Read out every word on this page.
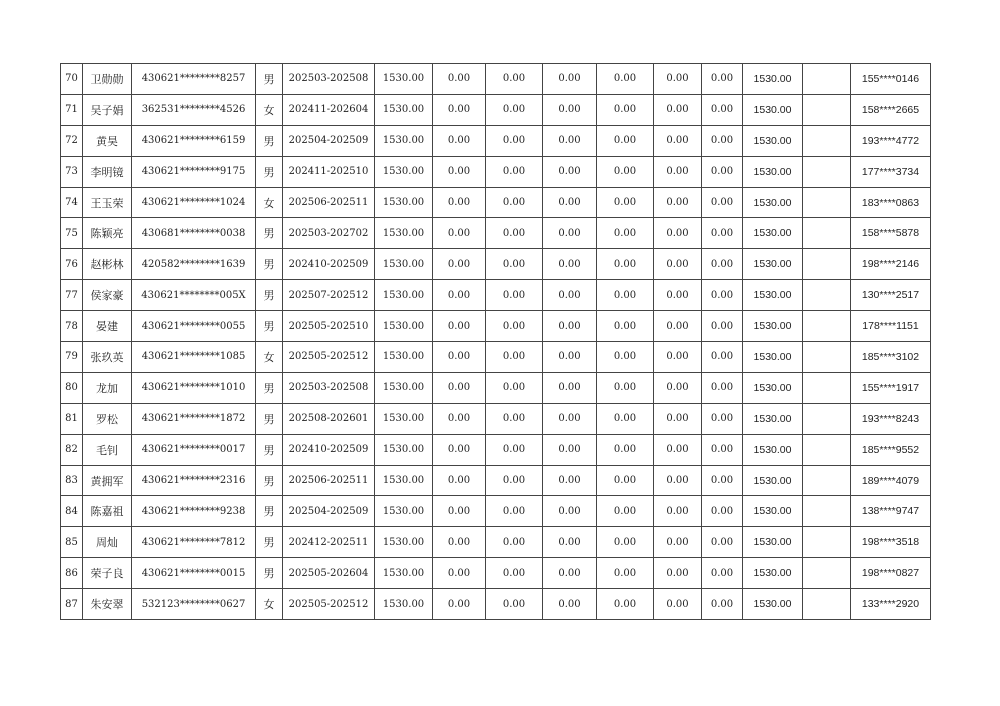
70	卫勋勋	430621********8257	男	202503-202508	1530.00	0.00	0.00	0.00	0.00	0.00	0.00	1530.00		155****0146
71	吴子娟	362531********4526	女	202411-202604	1530.00	0.00	0.00	0.00	0.00	0.00	0.00	1530.00		158****2665
72	黄昊	430621********6159	男	202504-202509	1530.00	0.00	0.00	0.00	0.00	0.00	0.00	1530.00		193****4772
73	李明镜	430621********9175	男	202411-202510	1530.00	0.00	0.00	0.00	0.00	0.00	0.00	1530.00		177****3734
74	王玉荣	430621********1024	女	202506-202511	1530.00	0.00	0.00	0.00	0.00	0.00	0.00	1530.00		183****0863
75	陈颖亮	430681********0038	男	202503-202702	1530.00	0.00	0.00	0.00	0.00	0.00	0.00	1530.00		158****5878
76	赵彬林	420582********1639	男	202410-202509	1530.00	0.00	0.00	0.00	0.00	0.00	0.00	1530.00		198****2146
77	侯家豪	430621********005X	男	202507-202512	1530.00	0.00	0.00	0.00	0.00	0.00	0.00	1530.00		130****2517
78	晏建	430621********0055	男	202505-202510	1530.00	0.00	0.00	0.00	0.00	0.00	0.00	1530.00		178****1151
79	张玖英	430621********1085	女	202505-202512	1530.00	0.00	0.00	0.00	0.00	0.00	0.00	1530.00		185****3102
80	龙加	430621********1010	男	202503-202508	1530.00	0.00	0.00	0.00	0.00	0.00	0.00	1530.00		155****1917
81	罗松	430621********1872	男	202508-202601	1530.00	0.00	0.00	0.00	0.00	0.00	0.00	1530.00		193****8243
82	毛钊	430621********0017	男	202410-202509	1530.00	0.00	0.00	0.00	0.00	0.00	0.00	1530.00		185****9552
83	黄拥军	430621********2316	男	202506-202511	1530.00	0.00	0.00	0.00	0.00	0.00	0.00	1530.00		189****4079
84	陈嘉祖	430621********9238	男	202504-202509	1530.00	0.00	0.00	0.00	0.00	0.00	0.00	1530.00		138****9747
85	周灿	430621********7812	男	202412-202511	1530.00	0.00	0.00	0.00	0.00	0.00	0.00	1530.00		198****3518
86	荣子良	430621********0015	男	202505-202604	1530.00	0.00	0.00	0.00	0.00	0.00	0.00	1530.00		198****0827
87	朱安翠	532123********0627	女	202505-202512	1530.00	0.00	0.00	0.00	0.00	0.00	0.00	1530.00		133****2920
